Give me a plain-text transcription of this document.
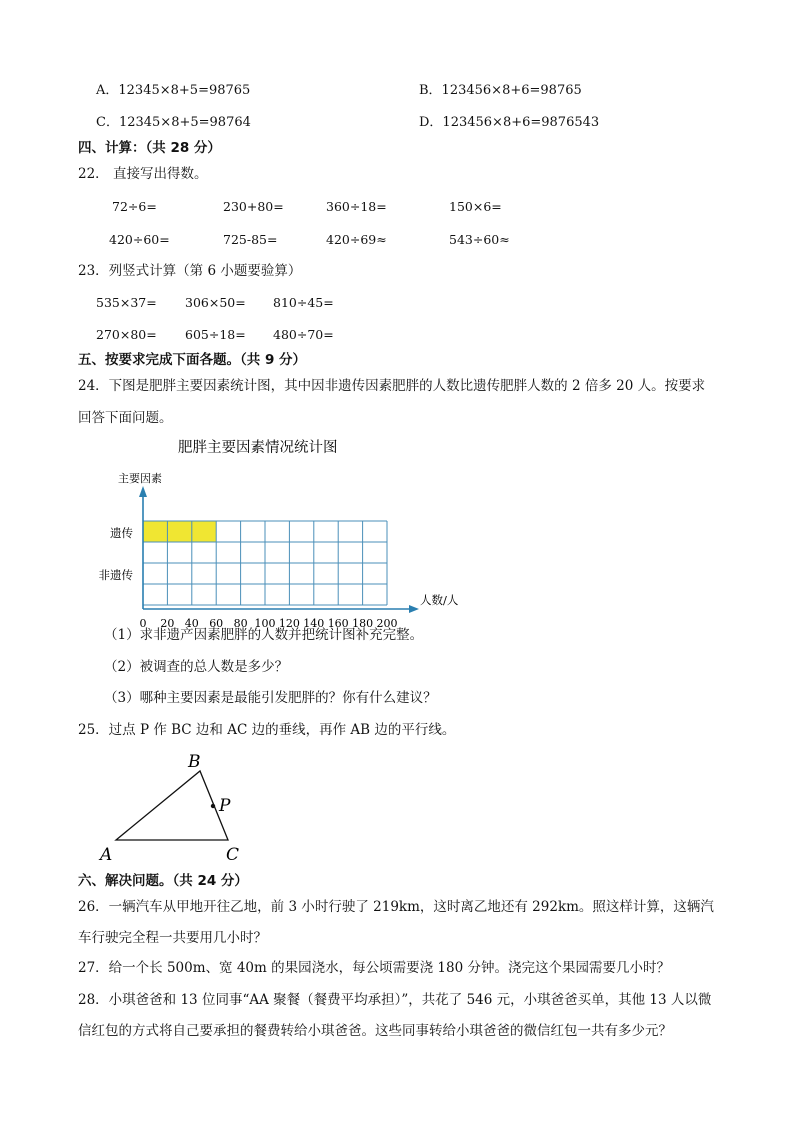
A．12345×8+5=98765	B．123456×8+6=98765
C．12345×8+5=98764	D．123456×8+6=9876543
四、计算：（共 28 分）
22． 直接写出得数。
72÷6=	230+80=	360÷18=	150×6=
420÷60=	725-85=	420÷69≈	543÷60≈
23．列竖式计算（第 6 小题要验算）
535×37= 306×50= 810÷45=
270×80= 605÷18= 480÷70=
五、按要求完成下面各题。（共 9 分）
24．下图是肥胖主要因素统计图，其中因非遗传因素肥胖的人数比遗传肥胖人数的 2 倍多 20 人。按要求
回答下面问题。
肥胖主要因素情况统计图
主要因素
人数/人
遗传
非遗传
0 20 40 60 80 100 120 140 160 180 200
（1）求非遗产因素肥胖的人数并把统计图补充完整。
（2）被调查的总人数是多少？
（3）哪种主要因素是最能引发肥胖的？你有什么建议？
25．过点 P 作 BC 边和 AC 边的垂线，再作 AB 边的平行线。
B
P
A	C
六、解决问题。（共 24 分）
26．一辆汽车从甲地开往乙地，前 3 小时行驶了 219km，这时离乙地还有 292km。照这样计算，这辆汽
车行驶完全程一共要用几小时？
27．给一个长 500m、宽 40m 的果园浇水，每公顷需要浇 180 分钟。浇完这个果园需要几小时？
28．小琪爸爸和 13 位同事“AA 聚餐（餐费平均承担）”，共花了 546 元，小琪爸爸买单，其他 13 人以微
信红包的方式将自己要承担的餐费转给小琪爸爸。这些同事转给小琪爸爸的微信红包一共有多少元？
